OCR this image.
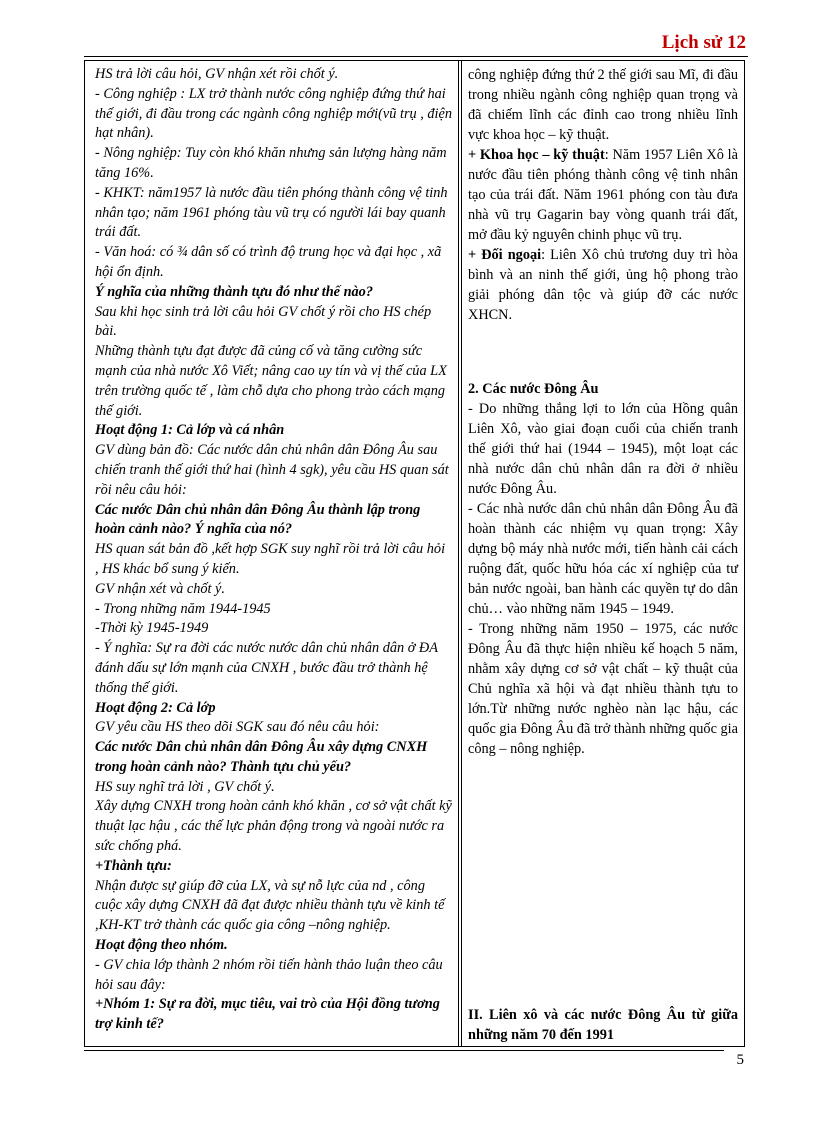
Lịch sử 12

HS trả lời câu hỏi, GV nhận xét rồi chốt ý.

- Công nghiệp : LX trở thành nước công nghiệp đứng thứ hai thế giới, đi đầu trong các ngành công nghiệp mới(vũ trụ , điện hạt nhân).

- Nông nghiệp: Tuy còn khó khăn nhưng sản lượng hàng năm tăng 16%.

- KHKT: năm1957 là nước đầu tiên phóng thành công vệ tinh nhân tạo; năm 1961 phóng tàu vũ trụ có người lái bay quanh trái đất.

- Văn hoá: có ¾ dân số có trình độ trung học và đại học , xã hội ổn định.

Ý nghĩa của những thành tựu đó như thế nào?

Sau khi học sinh trả lời câu hỏi GV chốt ý rồi cho HS chép bài.

Những thành tựu đạt được đã củng cố và tăng cường sức mạnh của nhà nước Xô Viết; nâng cao uy tín và vị thế của LX trên trường quốc tế , làm chỗ dựa cho phong trào cách mạng thế giới.

Hoạt động 1: Cả lớp và cá nhân

GV dùng bản đồ: Các nước dân chủ nhân dân Đông Âu sau chiến tranh thế giới thứ hai (hình 4 sgk), yêu cầu HS quan sát rồi nêu câu hỏi:

Các nước Dân chủ nhân dân Đông Âu thành lập trong hoàn cảnh nào? Ý nghĩa của nó?

HS quan sát bản đồ ,kết hợp SGK suy nghĩ rồi trả lời câu hỏi , HS khác bổ sung ý kiến.

GV nhận xét và chốt ý.

- Trong những năm 1944-1945

-Thời kỳ 1945-1949

- Ý nghĩa: Sự ra đời các nước nước dân chủ nhân dân ở ĐA đánh dấu sự lớn mạnh của CNXH , bước đầu trở thành hệ thống thế giới.

Hoạt động 2: Cả lớp

GV yêu cầu HS theo dõi SGK sau đó nêu câu hỏi:

Các nước Dân chủ nhân dân Đông Âu xây dựng CNXH trong hoàn cảnh nào? Thành tựu chủ yếu?

HS suy nghĩ trả lời , GV chốt ý.

Xây dựng CNXH trong hoàn cảnh khó khăn , cơ sở vật chất kỹ thuật lạc hậu , các thế lực phản động trong và ngoài nước ra sức chống phá.

+Thành tựu:

Nhận được sự giúp đỡ của LX, và sự nỗ lực của nd , công cuộc xây dựng CNXH đã đạt được nhiều thành tựu về kinh tế ,KH-KT trở thành các quốc gia công –nông nghiệp.

Hoạt động theo nhóm.

- GV chia lớp thành 2 nhóm rồi tiến hành thảo luận theo câu hỏi sau đây:

+Nhóm 1: Sự ra đời, mục tiêu, vai trò của Hội đồng tương trợ kinh tế?

công nghiệp đứng thứ 2 thế giới sau Mĩ, đi đầu trong nhiều ngành công nghiệp quan trọng và đã chiếm lĩnh các đỉnh cao trong nhiều lĩnh vực khoa học – kỹ thuật.

+ Khoa học – kỹ thuật: Năm 1957 Liên Xô là nước đầu tiên phóng thành công vệ tinh nhân tạo của trái đất. Năm 1961 phóng con tàu đưa nhà vũ trụ Gagarin bay vòng quanh trái đất, mở đầu kỷ nguyên chinh phục vũ trụ.

+ Đối ngoại: Liên Xô chủ trương duy trì hòa bình và an ninh thế giới, ủng hộ phong trào giải phóng dân tộc và giúp đỡ các nước XHCN.

2. Các nước Đông Âu

- Do những thắng lợi to lớn của Hồng quân Liên Xô, vào giai đoạn cuối của chiến tranh thế giới thứ hai (1944 – 1945), một loạt các nhà nước dân chủ nhân dân ra đời ở nhiều nước Đông Âu.

- Các nhà nước dân chủ nhân dân Đông Âu đã hoàn thành các nhiệm vụ quan trọng: Xây dựng bộ máy nhà nước mới, tiến hành cải cách ruộng đất, quốc hữu hóa các xí nghiệp của tư bản nước ngoài, ban hành các quyền tự do dân chủ… vào những năm 1945 – 1949.

- Trong những năm 1950 – 1975, các nước Đông Âu đã thực hiện nhiều kế hoạch 5 năm, nhằm xây dựng cơ sở vật chất – kỹ thuật của Chủ nghĩa xã hội và đạt nhiều thành tựu to lớn.Từ những nước nghèo nàn lạc hậu, các quốc gia Đông Âu đã trở thành những quốc gia công – nông nghiệp.

II. Liên xô và các nước Đông Âu từ giữa những năm 70 đến 1991

5
